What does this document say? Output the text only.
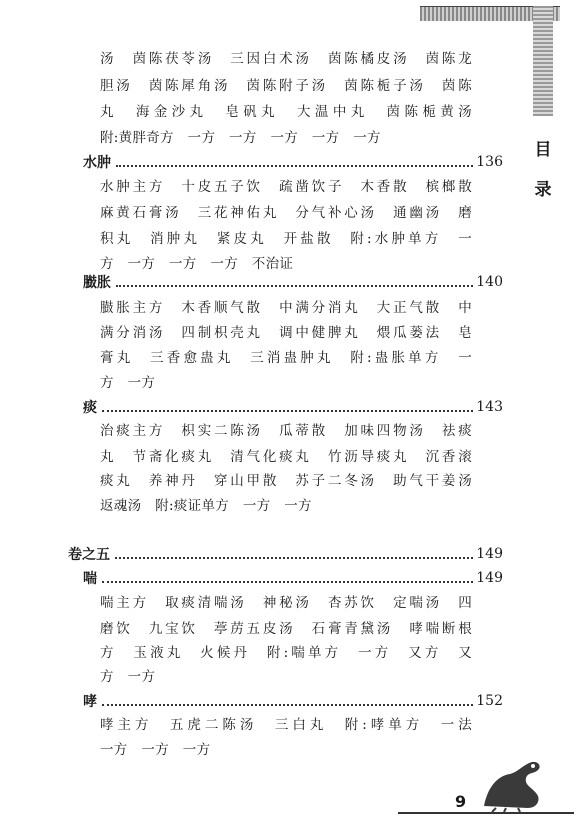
目
录
汤　茵陈茯苓汤　三因白术汤　茵陈橘皮汤　茵陈龙
胆汤　茵陈犀角汤　茵陈附子汤　茵陈栀子汤　茵陈
丸　海金沙丸　皂矾丸　大温中丸　茵陈栀黄汤
附:黄胖奇方　一方　一方　一方　一方　一方
水肿	136
水肿主方　十皮五子饮　疏凿饮子　木香散　槟榔散
麻黄石膏汤　三花神佑丸　分气补心汤　通幽汤　磨
积丸　消肿丸　紧皮丸　开盐散　附:水肿单方　一
方　一方　一方　一方　不治证
臌胀	140
臌胀主方　木香顺气散　中满分消丸　大正气散　中
满分消汤　四制枳壳丸　调中健脾丸　煨瓜蒌法　皂
膏丸　三香愈蛊丸　三消蛊肿丸　附:蛊胀单方　一
方　一方
痰	143
治痰主方　枳实二陈汤　瓜蒂散　加味四物汤　祛痰
丸　节斋化痰丸　清气化痰丸　竹沥导痰丸　沉香滚
痰丸　养神丹　穿山甲散　苏子二冬汤　助气干姜汤
返魂汤　附:痰证单方　一方　一方
卷之五	149
喘	149
喘主方　取痰清喘汤　神秘汤　杏苏饮　定喘汤　四
磨饮　九宝饮　葶苈五皮汤　石膏青黛汤　哮喘断根
方　玉液丸　火候丹　附:喘单方　一方　又方　又
方　一方
哮	152
哮主方　五虎二陈汤　三白丸　附:哮单方　一法
一方　一方　一方
9
